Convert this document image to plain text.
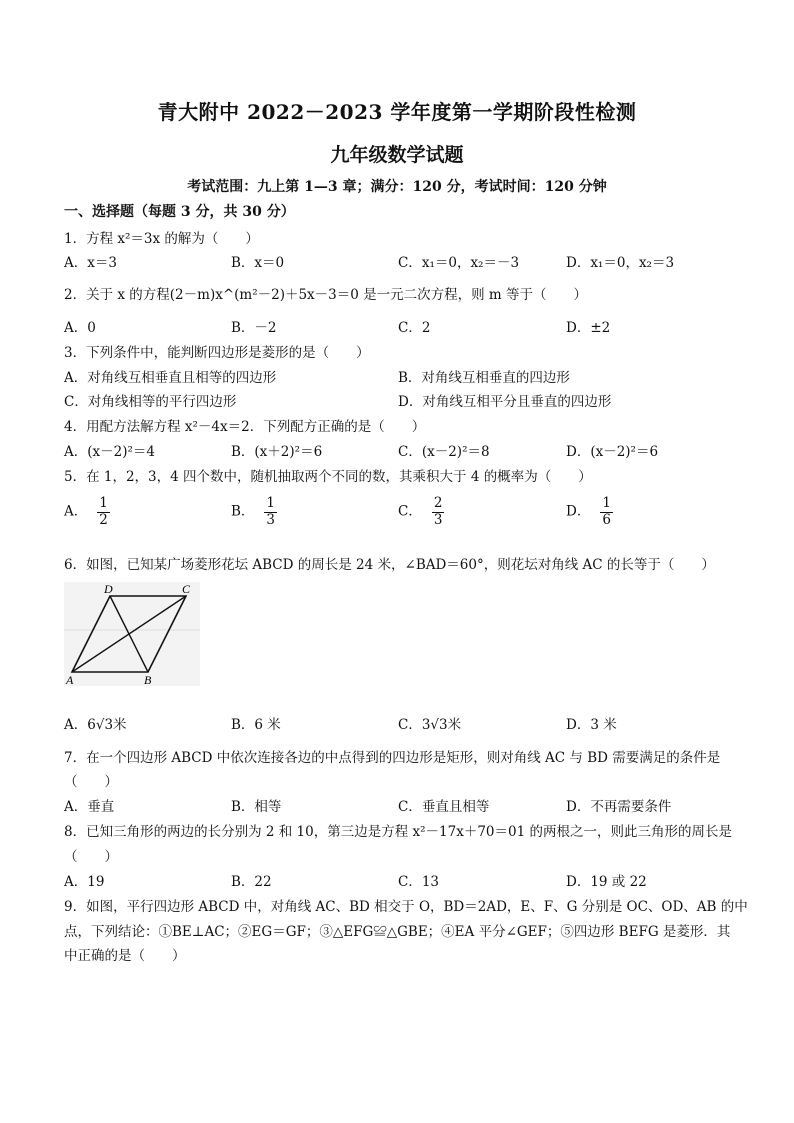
青大附中 2022－2023 学年度第一学期阶段性检测
九年级数学试题
考试范围：九上第 1—3 章；满分：120 分，考试时间：120 分钟
一、选择题（每题 3 分，共 30 分）
1．方程 x²＝3x 的解为（　　）
A．x＝3	B．x＝0	C．x₁＝0，x₂＝－3	D．x₁＝0，x₂＝3
2．关于 x 的方程(2－m)x^(m²－2)＋5x－3＝0 是一元二次方程，则 m 等于（　　）
A．0	B．－2	C．2	D．±2
3．下列条件中，能判断四边形是菱形的是（　　）
A．对角线互相垂直且相等的四边形	B．对角线互相垂直的四边形
C．对角线相等的平行四边形	D．对角线互相平分且垂直的四边形
4．用配方法解方程 x²－4x＝2．下列配方正确的是（　　）
A．(x－2)²＝4	B．(x＋2)²＝6	C．(x－2)²＝8	D．(x－2)²＝6
5．在 1，2，3，4 四个数中，随机抽取两个不同的数，其乘积大于 4 的概率为（　　）
A． $\frac{1}{2}$	B． $\frac{1}{3}$	C． $\frac{2}{3}$	D． $\frac{1}{6}$
6．如图，已知某广场菱形花坛 ABCD 的周长是 24 米，∠BAD＝60°，则花坛对角线 AC 的长等于（　　）
D	C
A	B
A．6√3米	B．6 米	C．3√3米	D．3 米
7．在一个四边形 ABCD 中依次连接各边的中点得到的四边形是矩形，则对角线 AC 与 BD 需要满足的条件是
（　　）
A．垂直	B．相等	C．垂直且相等	D．不再需要条件
8．已知三角形的两边的长分别为 2 和 10，第三边是方程 x²－17x＋70＝01 的两根之一，则此三角形的周长是
（　　）
A．19	B．22	C．13	D．19 或 22
9．如图，平行四边形 ABCD 中，对角线 AC、BD 相交于 O，BD＝2AD，E、F、G 分别是 OC、OD、AB 的中
点，下列结论：①BE⊥AC；②EG＝GF；③△EFG≌△GBE；④EA 平分∠GEF；⑤四边形 BEFG 是菱形．其
中正确的是（　　）
